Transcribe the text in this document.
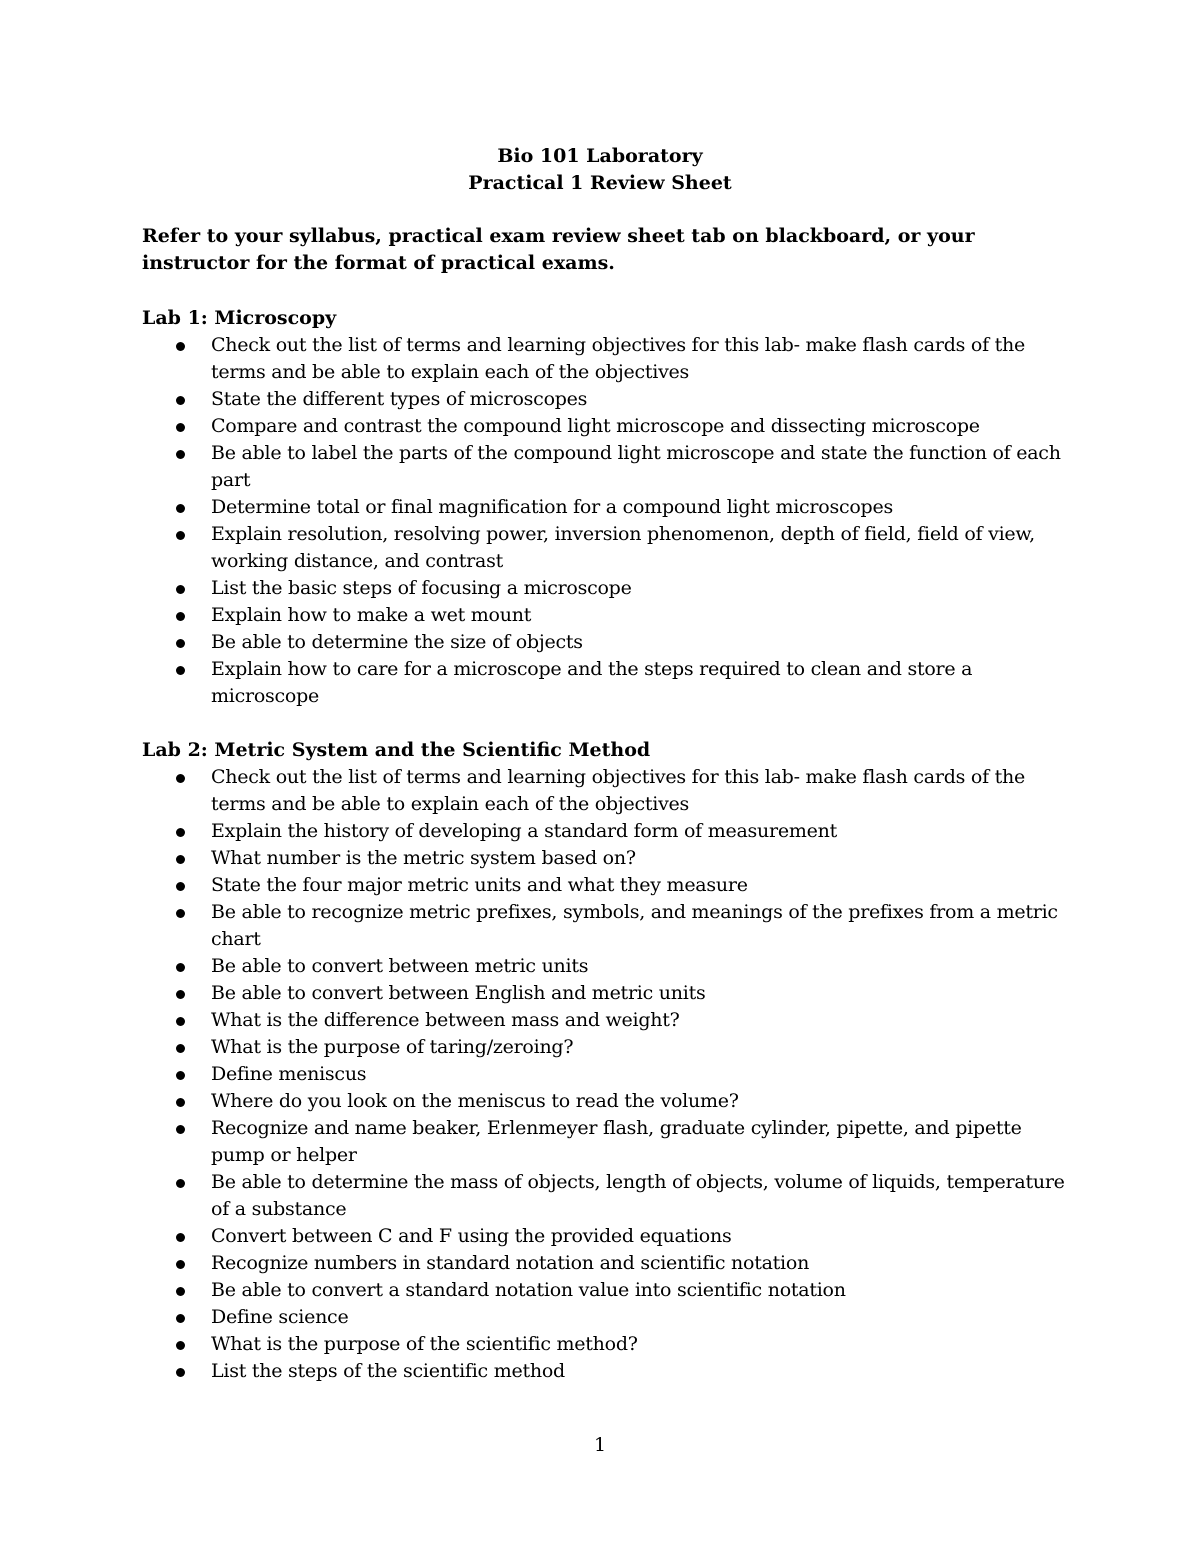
Bio 101 Laboratory
Practical 1 Review Sheet
Refer to your syllabus, practical exam review sheet tab on blackboard, or your instructor for the format of practical exams.
Lab 1: Microscopy
Check out the list of terms and learning objectives for this lab- make flash cards of the terms and be able to explain each of the objectives
State the different types of microscopes
Compare and contrast the compound light microscope and dissecting microscope
Be able to label the parts of the compound light microscope and state the function of each part
Determine total or final magnification for a compound light microscopes
Explain resolution, resolving power, inversion phenomenon, depth of field, field of view, working distance, and contrast
List the basic steps of focusing a microscope
Explain how to make a wet mount
Be able to determine the size of objects
Explain how to care for a microscope and the steps required to clean and store a microscope
Lab 2: Metric System and the Scientific Method
Check out the list of terms and learning objectives for this lab- make flash cards of the terms and be able to explain each of the objectives
Explain the history of developing a standard form of measurement
What number is the metric system based on?
State the four major metric units and what they measure
Be able to recognize metric prefixes, symbols, and meanings of the prefixes from a metric chart
Be able to convert between metric units
Be able to convert between English and metric units
What is the difference between mass and weight?
What is the purpose of taring/zeroing?
Define meniscus
Where do you look on the meniscus to read the volume?
Recognize and name beaker, Erlenmeyer flash, graduate cylinder, pipette, and pipette pump or helper
Be able to determine the mass of objects, length of objects, volume of liquids, temperature of a substance
Convert between C and F using the provided equations
Recognize numbers in standard notation and scientific notation
Be able to convert a standard notation value into scientific notation
Define science
What is the purpose of the scientific method?
List the steps of the scientific method
1
